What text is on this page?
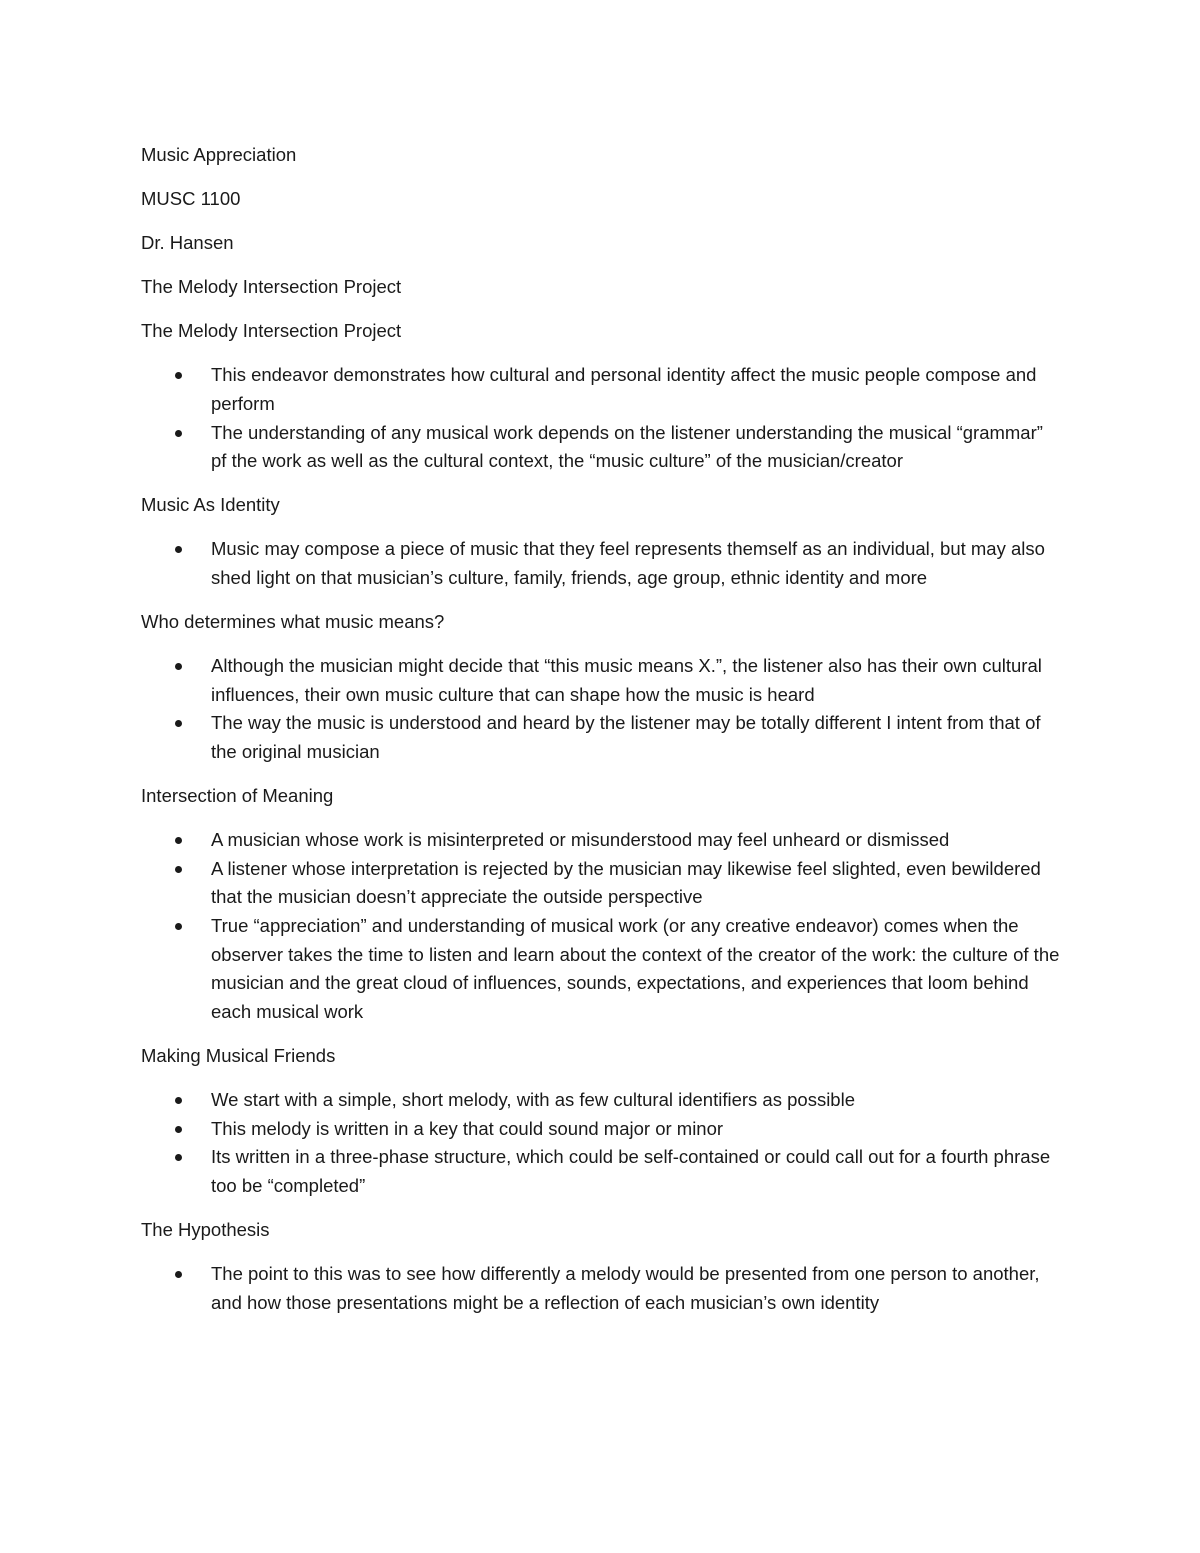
Music Appreciation
MUSC 1100
Dr. Hansen
The Melody Intersection Project
The Melody Intersection Project
This endeavor demonstrates how cultural and personal identity affect the music people compose and perform
The understanding of any musical work depends on the listener understanding the musical “grammar” pf the work as well as the cultural context, the “music culture” of the musician/creator
Music As Identity
Music may compose a piece of music that they feel represents themself as an individual, but may also shed light on that musician’s culture, family, friends, age group, ethnic identity and more
Who determines what music means?
Although the musician might decide that “this music means X.”, the listener also has their own cultural influences, their own music culture that can shape how the music is heard
The way the music is understood and heard by the listener may be totally different I intent from that of the original musician
Intersection of Meaning
A musician whose work is misinterpreted or misunderstood may feel unheard or dismissed
A listener whose interpretation is rejected by the musician may likewise feel slighted, even bewildered that the musician doesn’t appreciate the outside perspective
True “appreciation” and understanding of musical work (or any creative endeavor) comes when the observer takes the time to listen and learn about the context of the creator of the work: the culture of the musician and the great cloud of influences, sounds, expectations, and experiences that loom behind each musical work
Making Musical Friends
We start with a simple, short melody, with as few cultural identifiers as possible
This melody is written in a key that could sound major or minor
Its written in a three-phase structure, which could be self-contained or could call out for a fourth phrase too be “completed”
The Hypothesis
The point to this was to see how differently a melody would be presented from one person to another, and how those presentations might be a reflection of each musician’s own identity
